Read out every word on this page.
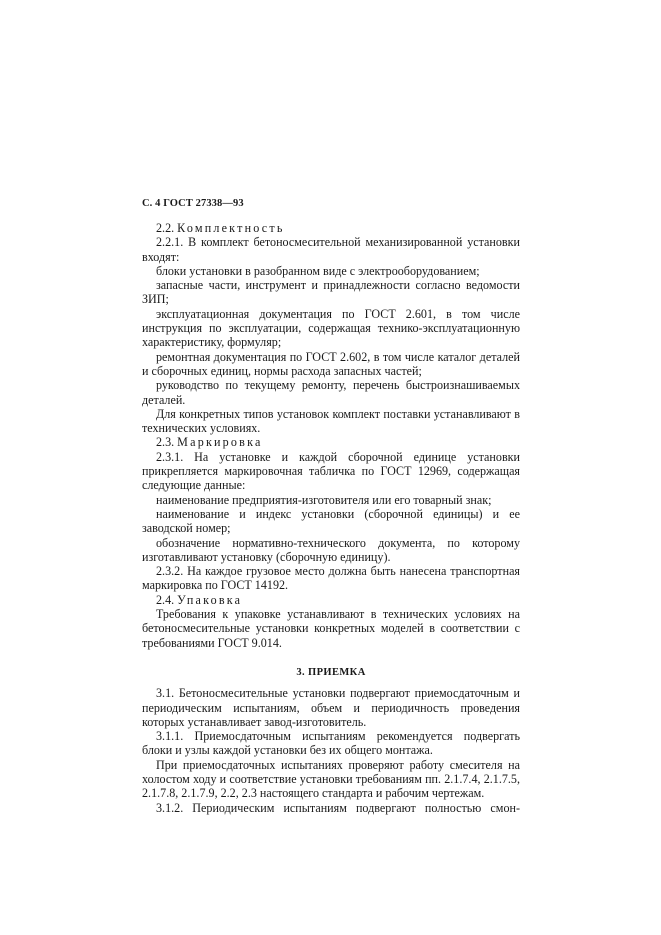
С. 4 ГОСТ 27338—93

2.2. Комплектность

2.2.1. В комплект бетоносмесительной механизированной установки входят:

блоки установки в разобранном виде с электрооборудованием;

запасные части, инструмент и принадлежности согласно ведомости ЗИП;

эксплуатационная документация по ГОСТ 2.601, в том числе инструкция по эксплуатации, содержащая технико-эксплуатационную характеристику, формуляр;

ремонтная документация по ГОСТ 2.602, в том числе каталог деталей и сборочных единиц, нормы расхода запасных частей;

руководство по текущему ремонту, перечень быстроизнашиваемых деталей.

Для конкретных типов установок комплект поставки устанавливают в технических условиях.

2.3. Маркировка

2.3.1. На установке и каждой сборочной единице установки прикрепляется маркировочная табличка по ГОСТ 12969, содержащая следующие данные:

наименование предприятия-изготовителя или его товарный знак;

наименование и индекс установки (сборочной единицы) и ее заводской номер;

обозначение нормативно-технического документа, по которому изготавливают установку (сборочную единицу).

2.3.2. На каждое грузовое место должна быть нанесена транспортная маркировка по ГОСТ 14192.

2.4. Упаковка

Требования к упаковке устанавливают в технических условиях на бетоносмесительные установки конкретных моделей в соответствии с требованиями ГОСТ 9.014.

3. ПРИЕМКА

3.1. Бетоносмесительные установки подвергают приемосдаточным и периодическим испытаниям, объем и периодичность проведения которых устанавливает завод-изготовитель.

3.1.1. Приемосдаточным испытаниям рекомендуется подвергать блоки и узлы каждой установки без их общего монтажа.

При приемосдаточных испытаниях проверяют работу смесителя на холостом ходу и соответствие установки требованиям пп. 2.1.7.4, 2.1.7.5, 2.1.7.8, 2.1.7.9, 2.2, 2.3 настоящего стандарта и рабочим чертежам.

3.1.2. Периодическим испытаниям подвергают полностью смон-
